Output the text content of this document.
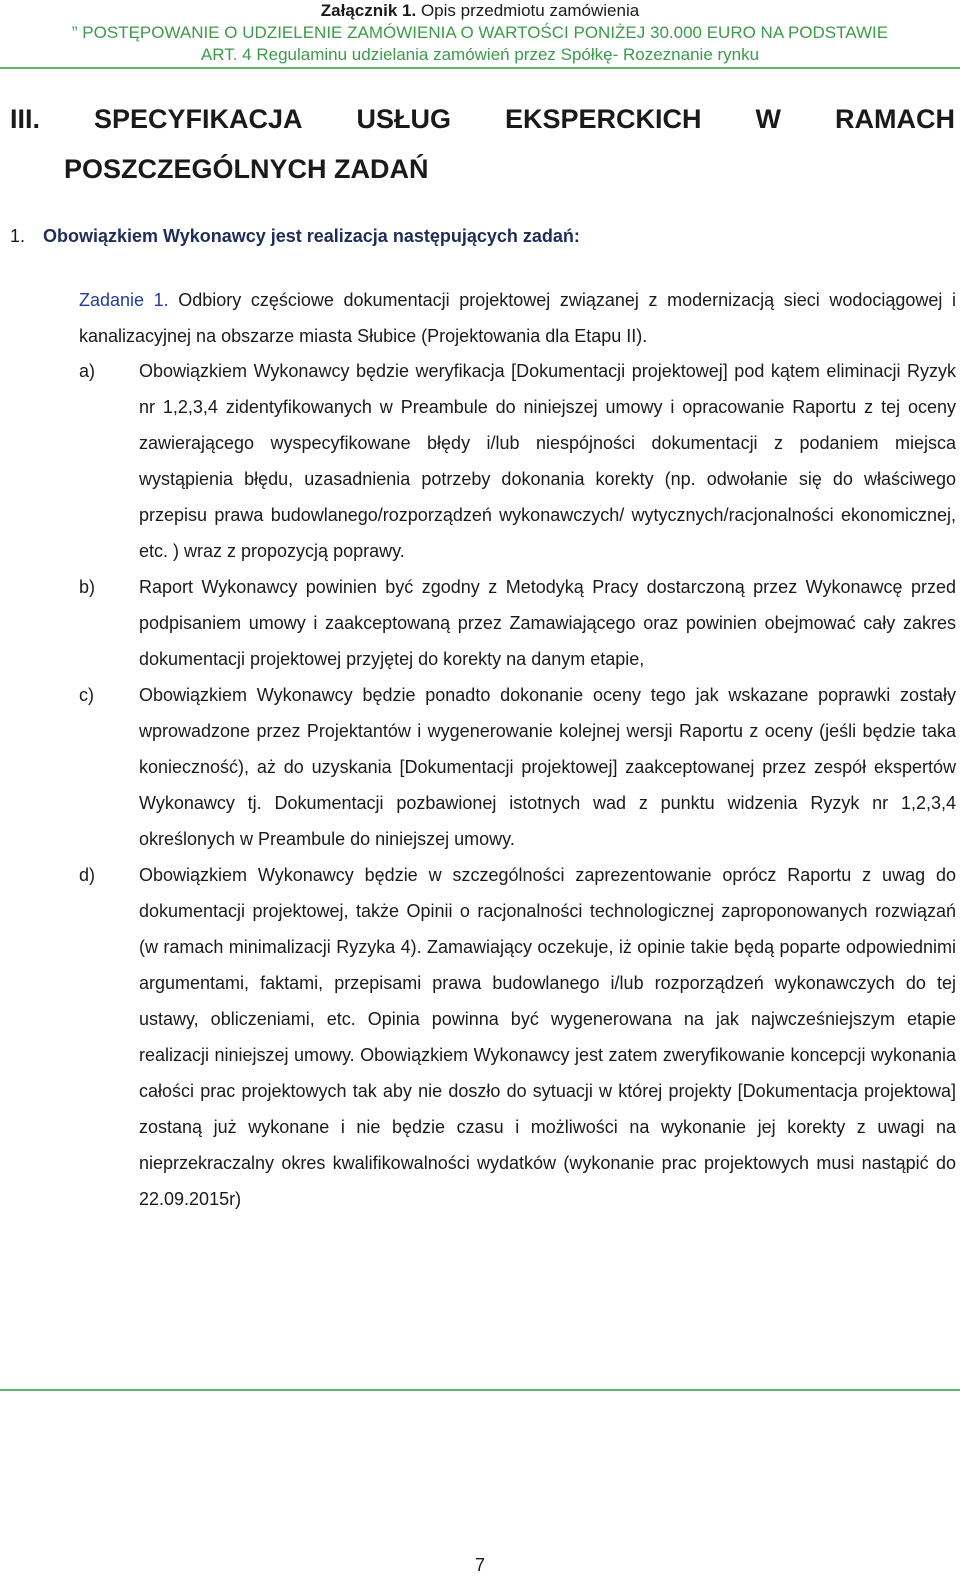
Załącznik 1. Opis przedmiotu zamówienia
” POSTĘPOWANIE O UDZIELENIE ZAMÓWIENIA O WARTOŚCI PONIŻEJ 30.000 EURO NA PODSTAWIE
ART. 4 Regulaminu udzielania zamówień przez Spółkę- Rozeznanie rynku
III. SPECYFIKACJA USŁUG EKSPERCKICH W RAMACH
POSZCZEGÓLNYCH ZADAŃ
1. Obowiązkiem Wykonawcy jest realizacja następujących zadań:
Zadanie 1. Odbiory częściowe dokumentacji projektowej związanej z modernizacją sieci wodociągowej i kanalizacyjnej na obszarze miasta Słubice (Projektowania dla Etapu II).
a)	Obowiązkiem Wykonawcy będzie weryfikacja [Dokumentacji projektowej] pod kątem eliminacji Ryzyk nr 1,2,3,4 zidentyfikowanych w Preambule do niniejszej umowy i opracowanie Raportu z tej oceny zawierającego wyspecyfikowane błędy i/lub niespójności dokumentacji z podaniem miejsca wystąpienia błędu, uzasadnienia potrzeby dokonania korekty (np. odwołanie się do właściwego przepisu prawa budowlanego/rozporządzeń wykonawczych/ wytycznych/racjonalności ekonomicznej, etc. ) wraz z propozycją poprawy.
b)	Raport Wykonawcy powinien być zgodny z Metodyką Pracy dostarczoną przez Wykonawcę przed podpisaniem umowy i zaakceptowaną przez Zamawiającego oraz powinien obejmować cały zakres dokumentacji projektowej przyjętej do korekty na danym etapie,
c)	Obowiązkiem Wykonawcy będzie ponadto dokonanie oceny tego jak wskazane poprawki zostały wprowadzone przez Projektantów i wygenerowanie kolejnej wersji Raportu z oceny (jeśli będzie taka konieczność), aż do uzyskania [Dokumentacji projektowej] zaakceptowanej przez zespół ekspertów Wykonawcy tj. Dokumentacji pozbawionej istotnych wad z punktu widzenia Ryzyk nr 1,2,3,4 określonych w Preambule do niniejszej umowy.
d)	Obowiązkiem Wykonawcy będzie w szczególności zaprezentowanie oprócz Raportu z uwag do dokumentacji projektowej, także Opinii o racjonalności technologicznej zaproponowanych rozwiązań (w ramach minimalizacji Ryzyka 4). Zamawiający oczekuje, iż opinie takie będą poparte odpowiednimi argumentami, faktami, przepisami prawa budowlanego i/lub rozporządzeń wykonawczych do tej ustawy, obliczeniami, etc. Opinia powinna być wygenerowana na jak najwcześniejszym etapie realizacji niniejszej umowy. Obowiązkiem Wykonawcy jest zatem zweryfikowanie koncepcji wykonania całości prac projektowych tak aby nie doszło do sytuacji w której projekty [Dokumentacja projektowa] zostaną już wykonane i nie będzie czasu i możliwości na wykonanie jej korekty z uwagi na nieprzekraczalny okres kwalifikowalności wydatków (wykonanie prac projektowych musi nastąpić do 22.09.2015r)
7
